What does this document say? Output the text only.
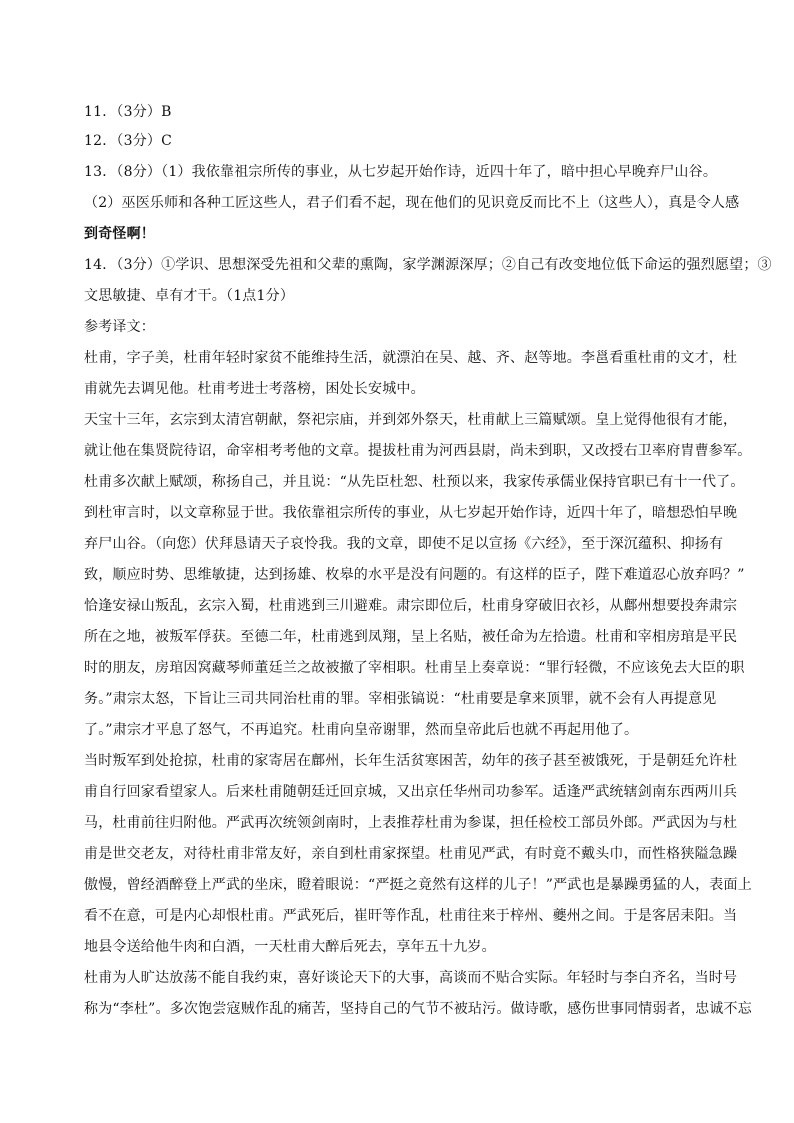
11．（3分）B
12．（3分）C
13．（8分）（1）我依靠祖宗所传的事业，从七岁起开始作诗，近四十年了，暗中担心早晚弃尸山谷。
（2）巫医乐师和各种工匠这些人，君子们看不起，现在他们的见识竟反而比不上（这些人），真是令人感
到奇怪啊！
14．（3分）①学识、思想深受先祖和父辈的熏陶，家学渊源深厚；②自己有改变地位低下命运的强烈愿望；③
文思敏捷、卓有才干。（1点1分）
参考译文：
杜甫，字子美，杜甫年轻时家贫不能维持生活，就漂泊在吴、越、齐、赵等地。李邕看重杜甫的文才，杜
甫就先去调见他。杜甫考进士考落榜，困处长安城中。
天宝十三年，玄宗到太清宫朝献，祭祀宗庙，并到郊外祭天，杜甫献上三篇赋颂。皇上觉得他很有才能，
就让他在集贤院待诏，命宰相考考他的文章。提拔杜甫为河西县尉，尚未到职，又改授右卫率府胄曹参军。
杜甫多次献上赋颂，称扬自己，并且说：“从先臣杜恕、杜预以来，我家传承儒业保持官职已有十一代了。
到杜审言时，以文章称显于世。我依靠祖宗所传的事业，从七岁起开始作诗，近四十年了，暗想恐怕早晚
弃尸山谷。（向您）伏拜恳请天子哀怜我。我的文章，即使不足以宣扬《六经》，至于深沉蕴积、抑扬有
致，顺应时势、思维敏捷，达到扬雄、枚皋的水平是没有问题的。有这样的臣子，陛下难道忍心放弃吗？”
恰逢安禄山叛乱，玄宗入蜀，杜甫逃到三川避难。肃宗即位后，杜甫身穿破旧衣衫，从鄜州想要投奔肃宗
所在之地，被叛军俘获。至德二年，杜甫逃到凤翔，呈上名贴，被任命为左拾遗。杜甫和宰相房琯是平民
时的朋友，房琯因窝藏琴师董廷兰之故被撤了宰相职。杜甫呈上奏章说：“罪行轻微，不应该免去大臣的职
务。”肃宗太怒，下旨让三司共同治杜甫的罪。宰相张镐说：“杜甫要是拿来顶罪，就不会有人再提意见
了。”肃宗才平息了怒气，不再追究。杜甫向皇帝谢罪，然而皇帝此后也就不再起用他了。
当时叛军到处抢掠，杜甫的家寄居在鄜州，长年生活贫寒困苦，幼年的孩子甚至被饿死，于是朝廷允许杜
甫自行回家看望家人。后来杜甫随朝廷迁回京城，又出京任华州司功参军。适逢严武统辖剑南东西两川兵
马，杜甫前往归附他。严武再次统领剑南时，上表推荐杜甫为参谋，担任检校工部员外郎。严武因为与杜
甫是世交老友，对待杜甫非常友好，亲自到杜甫家探望。杜甫见严武，有时竟不戴头巾，而性格狭隘急躁
傲慢，曾经酒醉登上严武的坐床，瞪着眼说：“严挺之竟然有这样的儿子！”严武也是暴躁勇猛的人，表面上
看不在意，可是内心却恨杜甫。严武死后，崔旰等作乱，杜甫往来于梓州、夔州之间。于是客居耒阳。当
地县令送给他牛肉和白酒，一天杜甫大醉后死去，享年五十九岁。
杜甫为人旷达放荡不能自我约束，喜好谈论天下的大事，高谈而不贴合实际。年轻时与李白齐名，当时号
称为“李杜”。多次饱尝寇贼作乱的痛苦，坚持自己的气节不被玷污。做诗歌，感伤世事同情弱者，忠诚不忘
